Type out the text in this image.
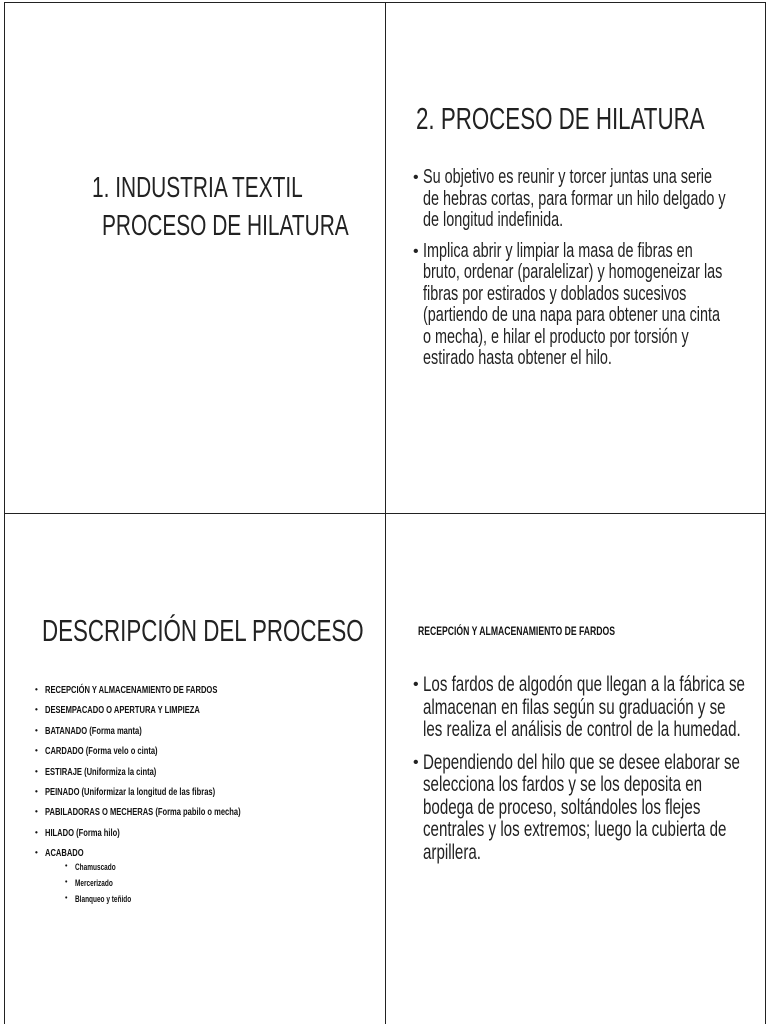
1. INDUSTRIA TEXTIL

PROCESO DE HILATURA
2. PROCESO DE HILATURA
• Su objetivo es reunir y torcer juntas una serie
de hebras cortas, para formar un hilo delgado y
de longitud indefinida.
• Implica abrir y limpiar la masa de fibras en
bruto, ordenar (paralelizar) y homogeneizar las
fibras por estirados y doblados sucesivos
(partiendo de una napa para obtener una cinta
o mecha), e hilar el producto por torsión y
estirado hasta obtener el hilo.
DESCRIPCIÓN DEL PROCESO
• RECEPCIÓN Y ALMACENAMIENTO DE FARDOS
• DESEMPACADO O APERTURA Y LIMPIEZA
• BATANADO (Forma manta)
• CARDADO (Forma velo o cinta)
• ESTIRAJE (Uniformiza la cinta)
• PEINADO (Uniformizar la longitud de las fibras)
• PABILADORAS O MECHERAS (Forma pabilo o mecha)
• HILADO (Forma hilo)
• ACABADO
• Chamuscado
• Mercerizado
• Blanqueo y teñido
RECEPCIÓN Y ALMACENAMIENTO DE FARDOS
• Los fardos de algodón que llegan a la fábrica se
almacenan en filas según su graduación y se
les realiza el análisis de control de la humedad.
• Dependiendo del hilo que se desee elaborar se
selecciona los fardos y se los deposita en
bodega de proceso, soltándoles los flejes
centrales y los extremos; luego la cubierta de
arpillera.
